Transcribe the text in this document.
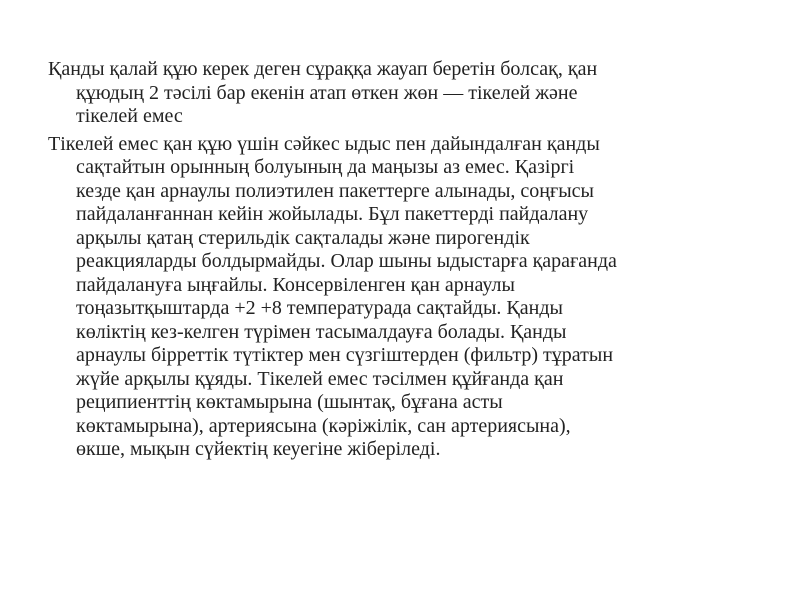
Қанды қалай құю керек деген сұраққа жауап беретін болсақ, қан
құюдың 2 тәсілі бар екенін атап өткен жөн — тікелей және
тікелей емес

Тікелей емес қан құю үшін сәйкес ыдыс пен дайындалған қанды
сақтайтын орынның болуының да маңызы аз емес. Қазіргі
кезде қан арнаулы полиэтилен пакеттерге алынады, соңғысы
пайдаланғаннан кейін жойылады. Бұл пакеттерді пайдалану
арқылы қатаң стерильдік сақталады және пирогендік
реакцияларды болдырмайды. Олар шыны ыдыстарға қарағанда
пайдалануға ыңғайлы. Консервіленген қан арнаулы
тоңазытқыштарда +2 +8 температурада сақтайды. Қанды
көліктің кез-келген түрімен тасымалдауға болады. Қанды
арнаулы бірреттік түтіктер мен сүзгіштерден (фильтр) тұратын
жүйе арқылы құяды. Тікелей емес тәсілмен құйғанда қан
реципиенттің көктамырына (шынтақ, бұғана асты
көктамырына), артериясына (кәріжілік, сан артериясына),
өкше, мықын сүйектің кеуегіне жіберіледі.
